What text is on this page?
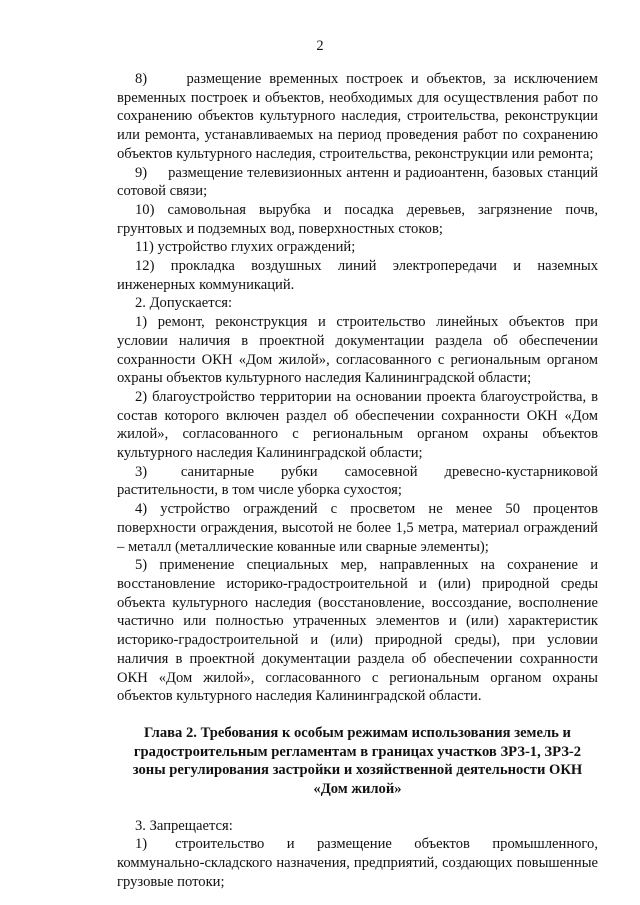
2

8)     размещение временных построек и объектов, за исключением временных построек и объектов, необходимых для осуществления работ по сохранению объектов культурного наследия, строительства, реконструкции или ремонта, устанавливаемых на период проведения работ по сохранению объектов культурного наследия, строительства, реконструкции или ремонта;

9)     размещение телевизионных антенн и радиоантенн, базовых станций сотовой связи;

10) самовольная вырубка и посадка деревьев, загрязнение почв, грунтовых и подземных вод, поверхностных стоков;

11) устройство глухих ограждений;

12) прокладка воздушных линий электропередачи и наземных инженерных коммуникаций.

2. Допускается:

1) ремонт, реконструкция и строительство линейных объектов при условии наличия в проектной документации раздела об обеспечении сохранности ОКН «Дом жилой», согласованного с региональным органом охраны объектов культурного наследия Калининградской области;

2) благоустройство территории на основании проекта благоустройства, в состав которого включен раздел об обеспечении сохранности ОКН «Дом жилой», согласованного с региональным органом охраны объектов культурного наследия Калининградской области;

3)     санитарные    рубки    самосевной    древесно-кустарниковой растительности, в том числе уборка сухостоя;

4) устройство ограждений с просветом не менее 50 процентов поверхности ограждения, высотой не более 1,5 метра, материал ограждений – металл (металлические кованные или сварные элементы);

5) применение специальных мер, направленных на сохранение и восстановление историко-градостроительной и (или) природной среды объекта культурного наследия (восстановление, воссоздание, восполнение частично или полностью утраченных элементов и (или) характеристик историко-градостроительной и (или) природной среды), при условии наличия в проектной документации раздела об обеспечении сохранности ОКН «Дом жилой», согласованного с региональным органом охраны объектов культурного наследия Калининградской области.

Глава 2. Требования к особым режимам использования земель и градостроительным регламентам в границах участков ЗРЗ-1, ЗРЗ-2 зоны регулирования застройки и хозяйственной деятельности ОКН «Дом жилой»

3. Запрещается:

1)     строительство    и    размещение    объектов    промышленного, коммунально-складского назначения, предприятий, создающих повышенные грузовые потоки;
